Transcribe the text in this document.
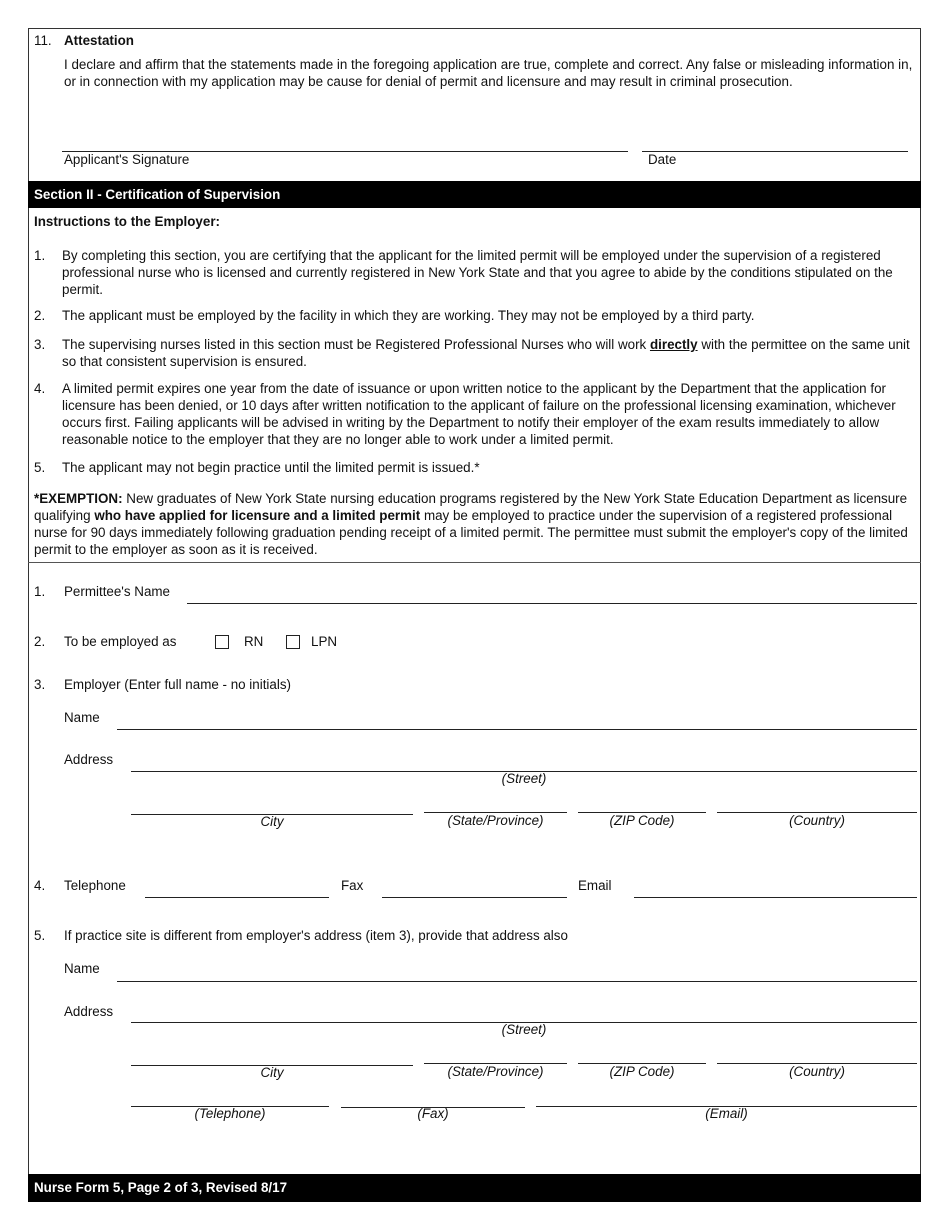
11. Attestation
I declare and affirm that the statements made in the foregoing application are true, complete and correct. Any false or misleading information in, or in connection with my application may be cause for denial of permit and licensure and may result in criminal prosecution.
Applicant's Signature	Date
Section II - Certification of Supervision
Instructions to the Employer:
1. By completing this section, you are certifying that the applicant for the limited permit will be employed under the supervision of a registered professional nurse who is licensed and currently registered in New York State and that you agree to abide by the conditions stipulated on the permit.
2. The applicant must be employed by the facility in which they are working. They may not be employed by a third party.
3. The supervising nurses listed in this section must be Registered Professional Nurses who will work directly with the permittee on the same unit so that consistent supervision is ensured.
4. A limited permit expires one year from the date of issuance or upon written notice to the applicant by the Department that the application for licensure has been denied, or 10 days after written notification to the applicant of failure on the professional licensing examination, whichever occurs first. Failing applicants will be advised in writing by the Department to notify their employer of the exam results immediately to allow reasonable notice to the employer that they are no longer able to work under a limited permit.
5. The applicant may not begin practice until the limited permit is issued.*
*EXEMPTION: New graduates of New York State nursing education programs registered by the New York State Education Department as licensure qualifying who have applied for licensure and a limited permit may be employed to practice under the supervision of a registered professional nurse for 90 days immediately following graduation pending receipt of a limited permit. The permittee must submit the employer's copy of the limited permit to the employer as soon as it is received.
1. Permittee's Name
2. To be employed as	RN	LPN
3. Employer (Enter full name - no initials)
Name
Address
(Street)
City	(State/Province)	(ZIP Code)	(Country)
4. Telephone	Fax	Email
5. If practice site is different from employer's address (item 3), provide that address also
Name
Address
(Street)
City	(State/Province)	(ZIP Code)	(Country)
(Telephone)	(Fax)	(Email)
Nurse Form 5, Page 2 of 3, Revised 8/17
